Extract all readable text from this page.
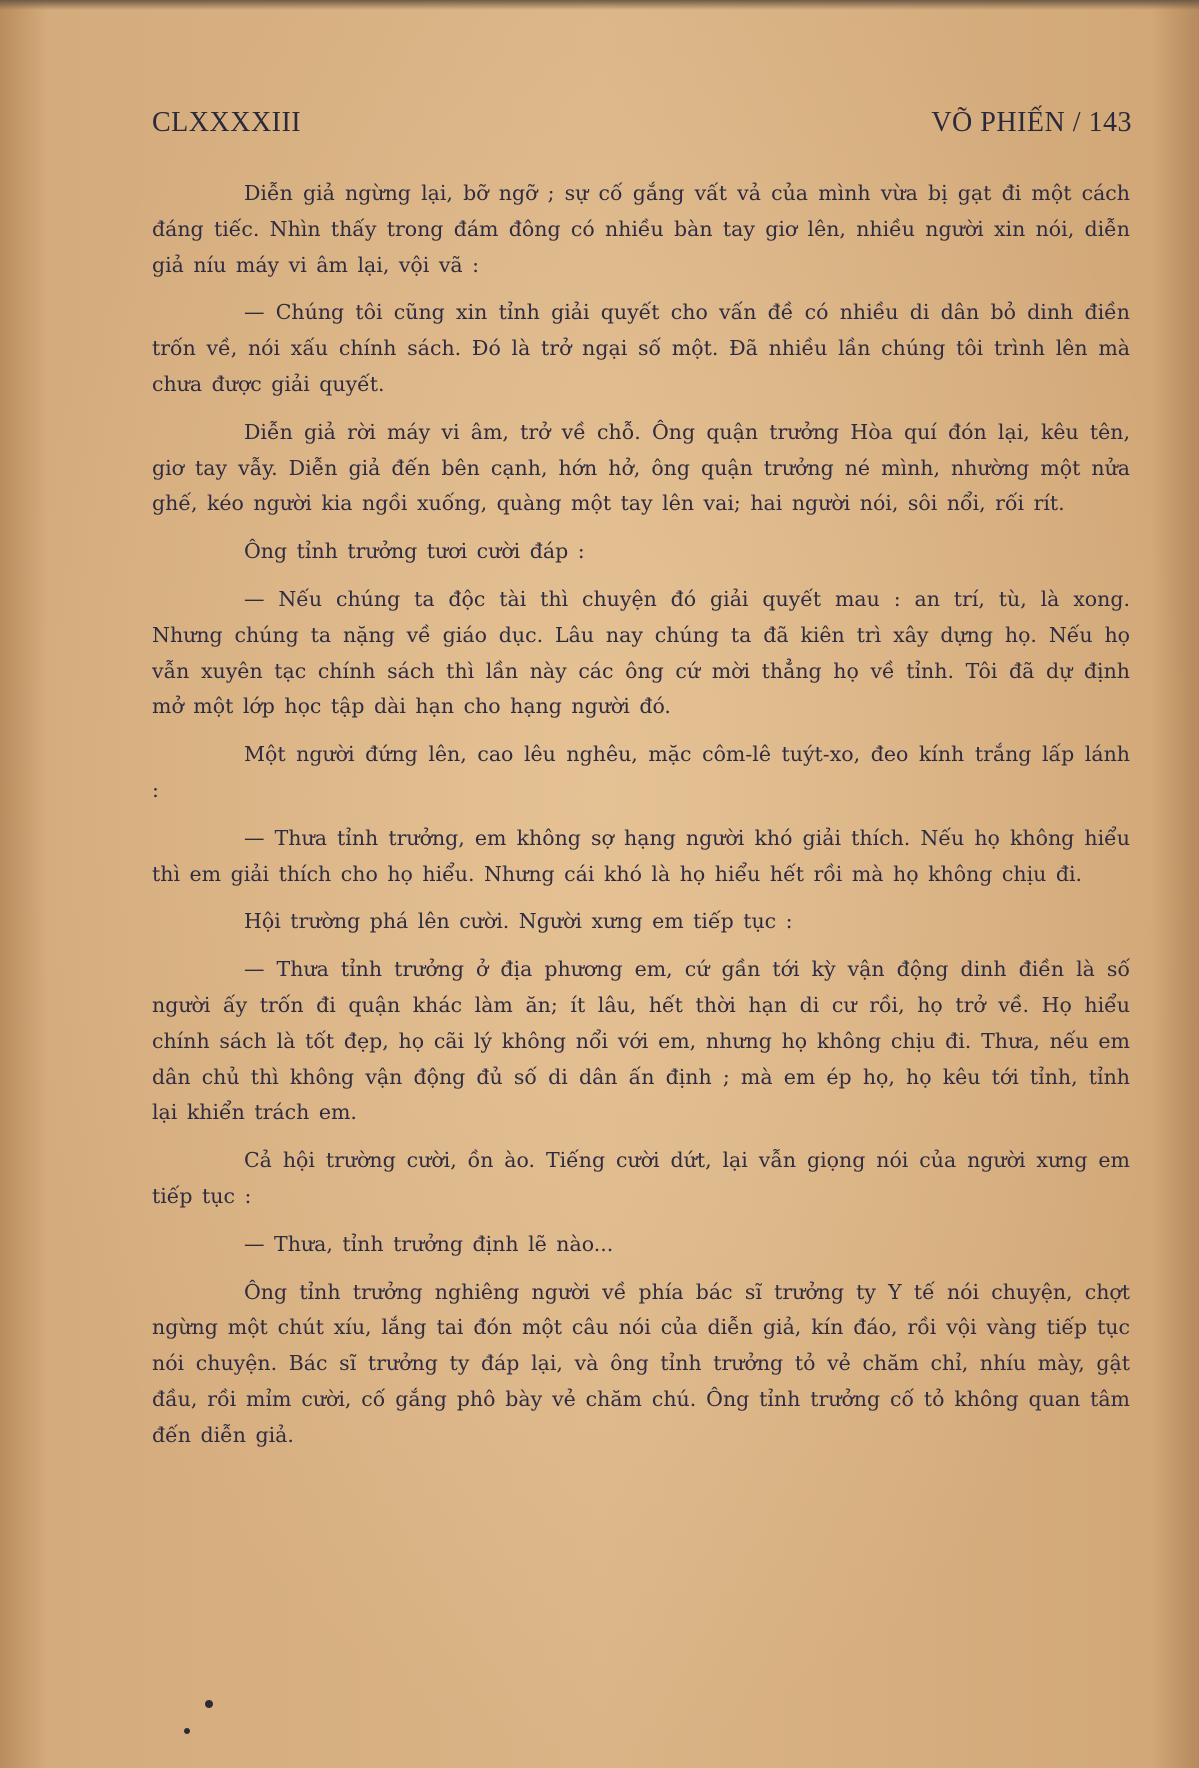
CLXXXXIII	VÕ PHIẾN / 143

Diễn giả ngừng lại, bỡ ngỡ ; sự cố gắng vất vả của mình vừa bị gạt đi một cách đáng tiếc. Nhìn thấy trong đám đông có nhiều bàn tay giơ lên, nhiều người xin nói, diễn giả níu máy vi âm lại, vội vã :

— Chúng tôi cũng xin tỉnh giải quyết cho vấn đề có nhiều di dân bỏ dinh điền trốn về, nói xấu chính sách. Đó là trở ngại số một. Đã nhiều lần chúng tôi trình lên mà chưa được giải quyết.

Diễn giả rời máy vi âm, trở về chỗ. Ông quận trưởng Hòa quí đón lại, kêu tên, giơ tay vẫy. Diễn giả đến bên cạnh, hớn hở, ông quận trưởng né mình, nhường một nửa ghế, kéo người kia ngồi xuống, quàng một tay lên vai; hai người nói, sôi nổi, rối rít.

Ông tỉnh trưởng tươi cười đáp :

— Nếu chúng ta độc tài thì chuyện đó giải quyết mau : an trí, tù, là xong. Nhưng chúng ta nặng về giáo dục. Lâu nay chúng ta đã kiên trì xây dựng họ. Nếu họ vẫn xuyên tạc chính sách thì lần này các ông cứ mời thẳng họ về tỉnh. Tôi đã dự định mở một lớp học tập dài hạn cho hạng người đó.

Một người đứng lên, cao lêu nghêu, mặc côm-lê tuýt-xo, đeo kính trắng lấp lánh :

— Thưa tỉnh trưởng, em không sợ hạng người khó giải thích. Nếu họ không hiểu thì em giải thích cho họ hiểu. Nhưng cái khó là họ hiểu hết rồi mà họ không chịu đi.

Hội trường phá lên cười. Người xưng em tiếp tục :

— Thưa tỉnh trưởng ở địa phương em, cứ gần tới kỳ vận động dinh điền là số người ấy trốn đi quận khác làm ăn; ít lâu, hết thời hạn di cư rồi, họ trở về. Họ hiểu chính sách là tốt đẹp, họ cãi lý không nổi với em, nhưng họ không chịu đi. Thưa, nếu em dân chủ thì không vận động đủ số di dân ấn định ; mà em ép họ, họ kêu tới tỉnh, tỉnh lại khiển trách em.

Cả hội trường cười, ồn ào. Tiếng cười dứt, lại vẫn giọng nói của người xưng em tiếp tục :

— Thưa, tỉnh trưởng định lẽ nào...

Ông tỉnh trưởng nghiêng người về phía bác sĩ trưởng ty Y tế nói chuyện, chợt ngừng một chút xíu, lắng tai đón một câu nói của diễn giả, kín đáo, rồi vội vàng tiếp tục nói chuyện. Bác sĩ trưởng ty đáp lại, và ông tỉnh trưởng tỏ vẻ chăm chỉ, nhíu mày, gật đầu, rồi mỉm cười, cố gắng phô bày vẻ chăm chú. Ông tỉnh trưởng cố tỏ không quan tâm đến diễn giả.
